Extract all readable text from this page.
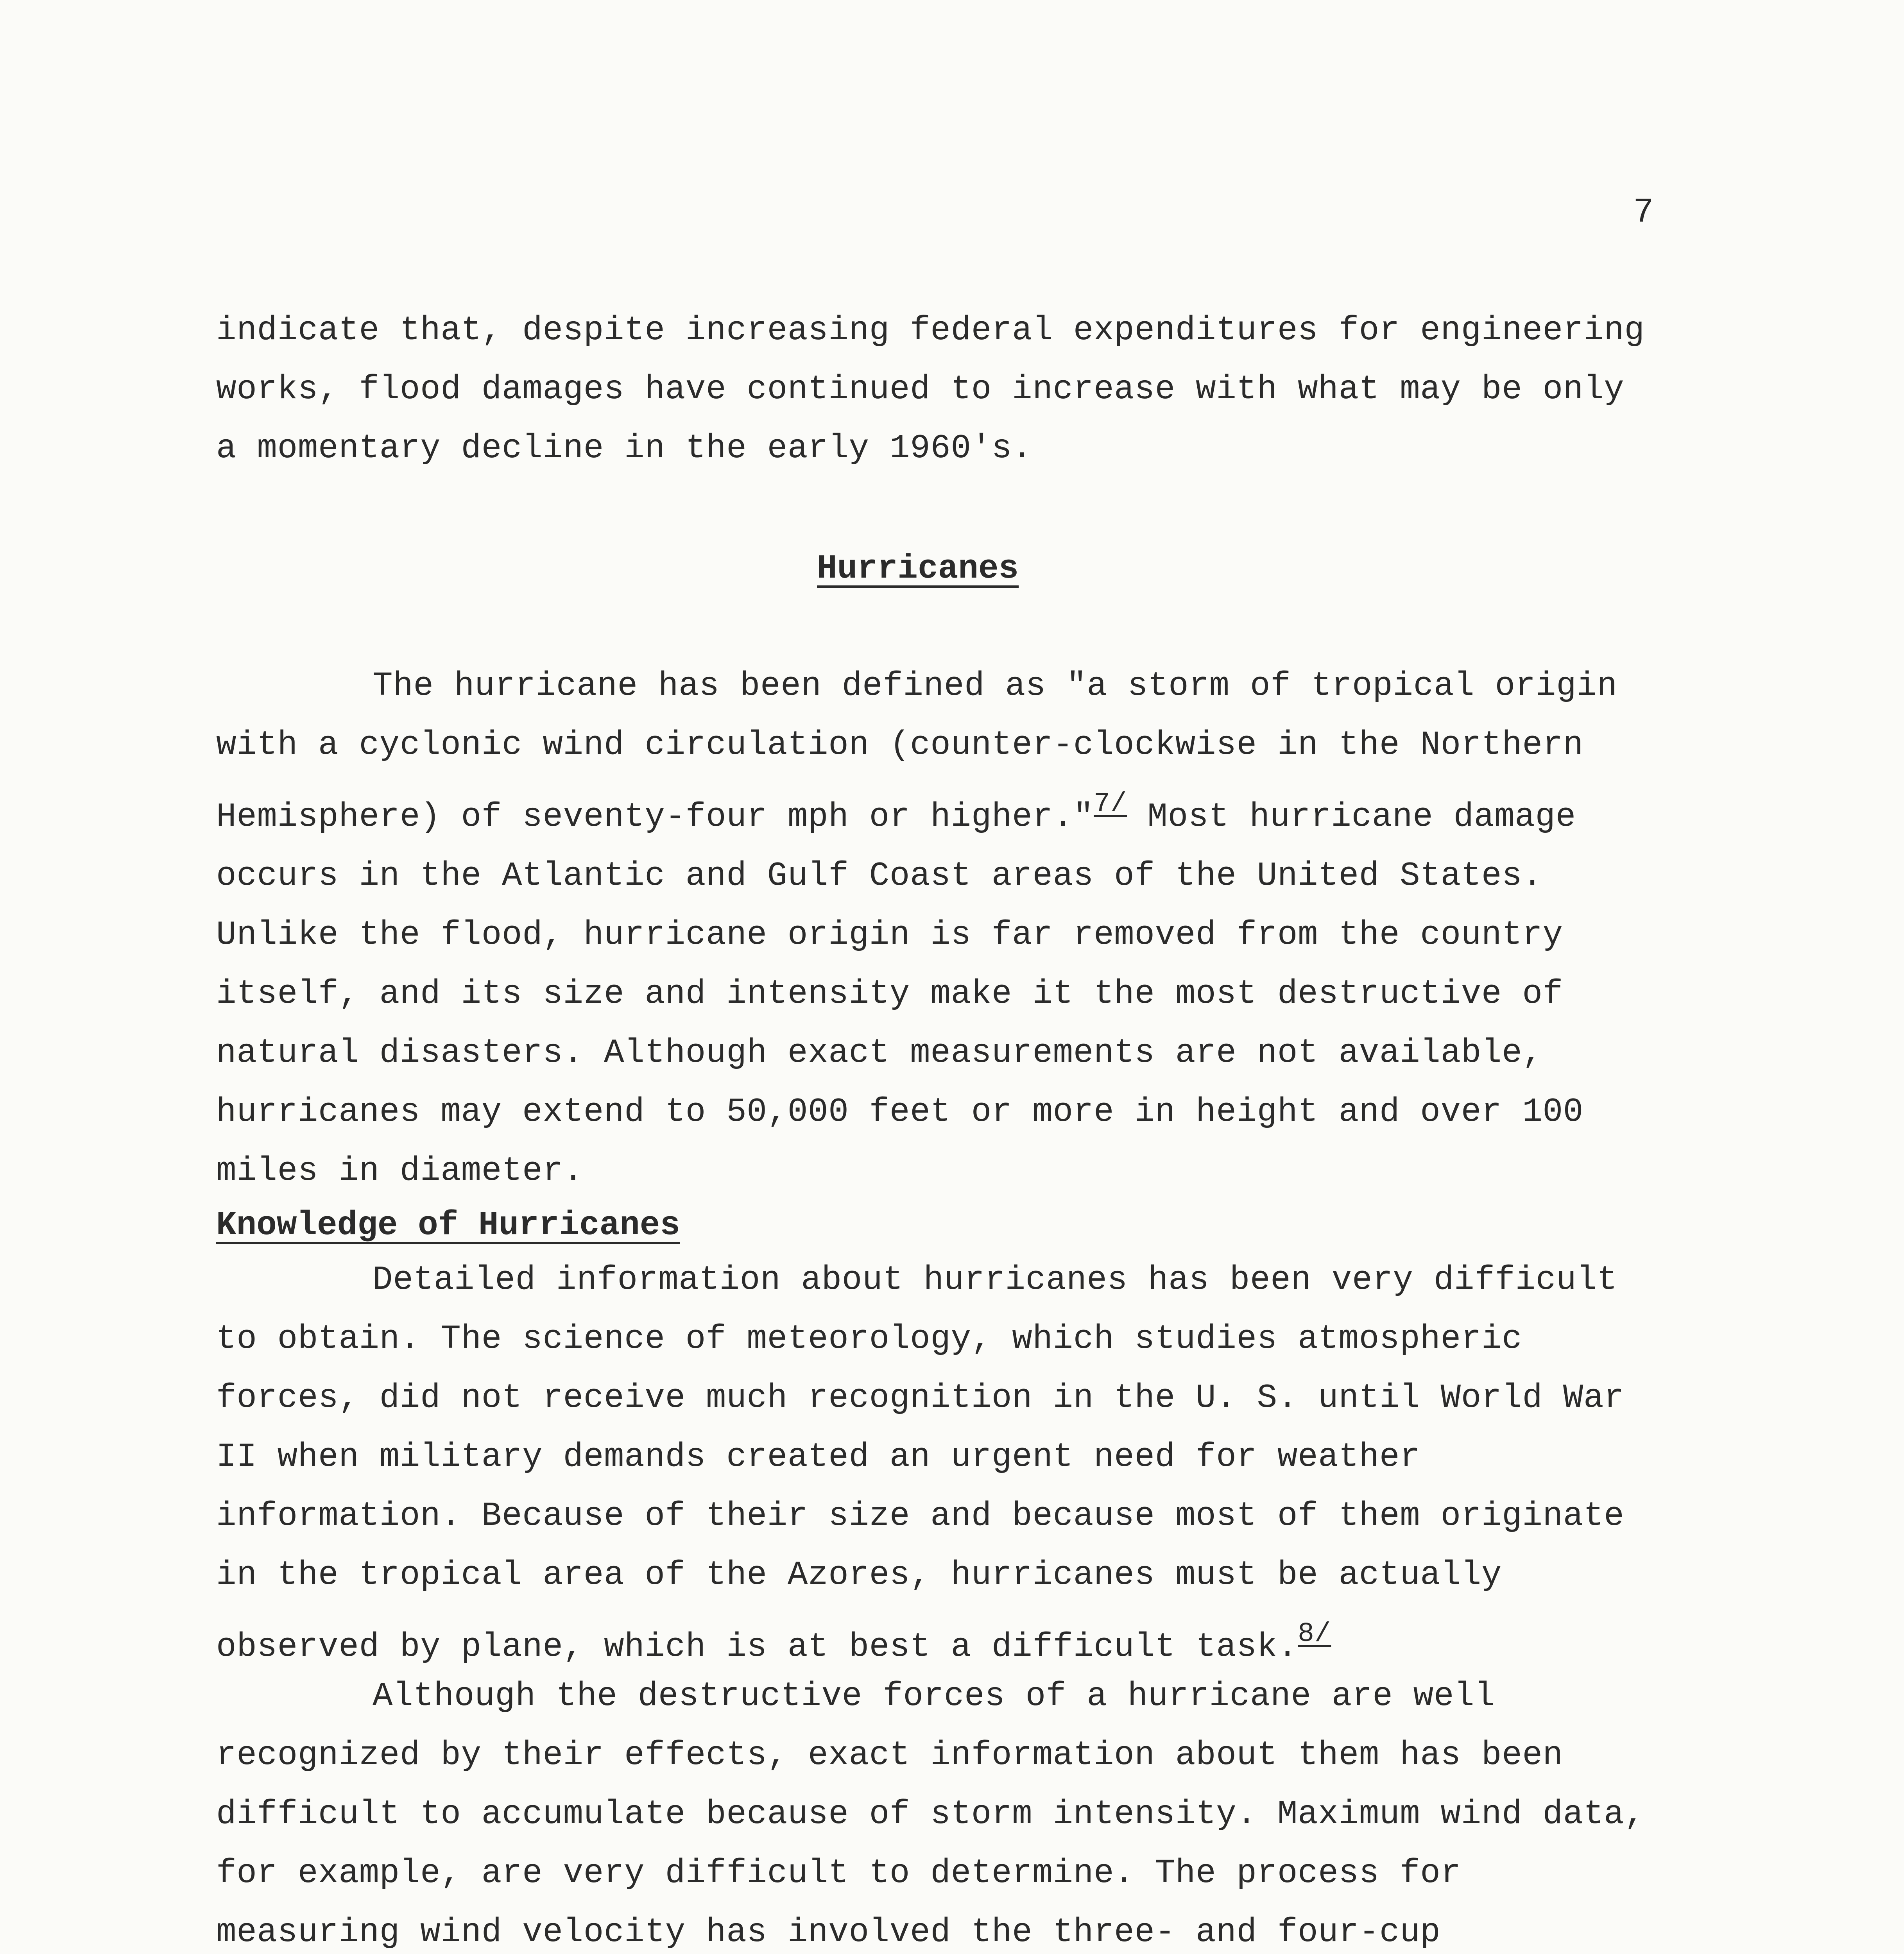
7

indicate that, despite increasing federal expenditures for engineering works, flood damages have continued to increase with what may be only a momentary decline in the early 1960's.

Hurricanes

The hurricane has been defined as "a storm of tropical origin with a cyclonic wind circulation (counter-clockwise in the Northern Hemisphere) of seventy-four mph or higher."$^{7/}$ Most hurricane damage occurs in the Atlantic and Gulf Coast areas of the United States. Unlike the flood, hurricane origin is far removed from the country itself, and its size and intensity make it the most destructive of natural disasters. Although exact measurements are not available, hurricanes may extend to 50,000 feet or more in height and over 100 miles in diameter.

Knowledge of Hurricanes

Detailed information about hurricanes has been very difficult to obtain. The science of meteorology, which studies atmospheric forces, did not receive much recognition in the U. S. until World War II when military demands created an urgent need for weather information. Because of their size and because most of them originate in the tropical area of the Azores, hurricanes must be actually observed by plane, which is at best a difficult task.$^{8/}$

Although the destructive forces of a hurricane are well recognized by their effects, exact information about them has been difficult to accumulate because of storm intensity. Maximum wind data, for example, are very difficult to determine. The process for measuring wind velocity has involved the three- and four-cup
